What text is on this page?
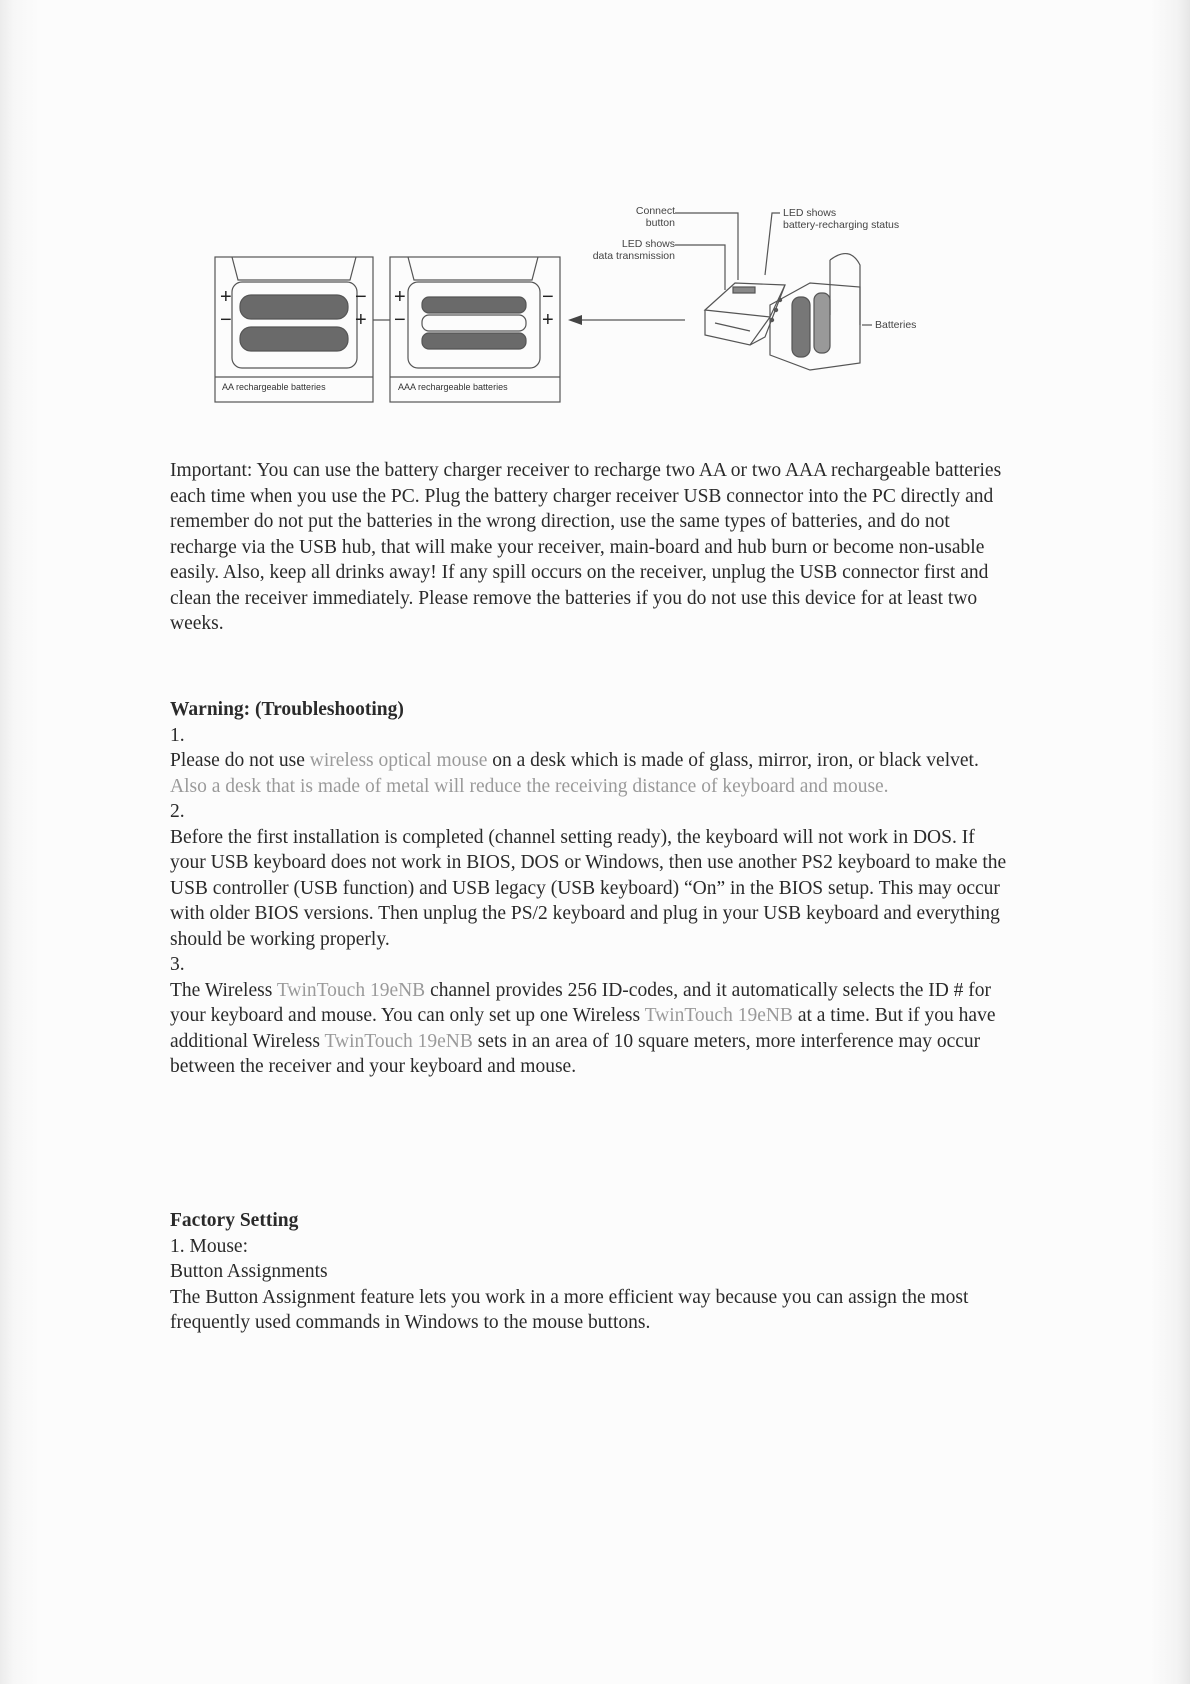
+
−
−
+
+
−
−
+
AA rechargeable batteries	AAA rechargeable batteries
Connect
button
LED shows
data transmission
LED shows
battery-recharging status
Batteries

Important: You can use the battery charger receiver to recharge two AA or two AAA rechargeable batteries each time when you use the PC. Plug the battery charger receiver USB connector into the PC directly and remember do not put the batteries in the wrong direction, use the same types of batteries, and do not recharge via the USB hub, that will make your receiver, main-board and hub burn or become non-usable easily. Also, keep all drinks away! If any spill occurs on the receiver, unplug the USB connector first and clean the receiver immediately. Please remove the batteries if you do not use this device for at least two weeks.

Warning: (Troubleshooting)

1.

Please do not use wireless optical mouse on a desk which is made of glass, mirror, iron, or black velvet. Also a desk that is made of metal will reduce the receiving distance of keyboard and mouse.

2.

Before the first installation is completed (channel setting ready), the keyboard will not work in DOS. If your USB keyboard does not work in BIOS, DOS or Windows, then use another PS2 keyboard to make the USB controller (USB function) and USB legacy (USB keyboard) “On” in the BIOS setup. This may occur with older BIOS versions. Then unplug the PS/2 keyboard and plug in your USB keyboard and everything should be working properly.

3.

The Wireless TwinTouch 19eNB channel provides 256 ID-codes, and it automatically selects the ID # for your keyboard and mouse. You can only set up one Wireless TwinTouch 19eNB at a time. But if you have additional Wireless TwinTouch 19eNB sets in an area of 10 square meters, more interference may occur between the receiver and your keyboard and mouse.

Factory Setting

1. Mouse:

Button Assignments

The Button Assignment feature lets you work in a more efficient way because you can assign the most frequently used commands in Windows to the mouse buttons.
